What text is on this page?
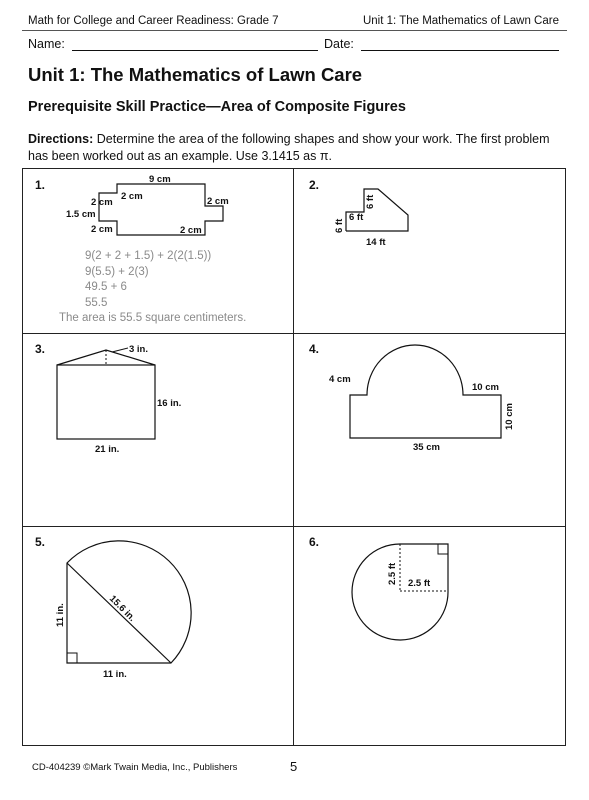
Math for College and Career Readiness: Grade 7	Unit 1: The Mathematics of Lawn Care
Name:	Date:
Unit 1: The Mathematics of Lawn Care
Prerequisite Skill Practice—Area of Composite Figures
Directions: Determine the area of the following shapes and show your work. The first problem has been worked out as an example. Use 3.1415 as π.
1.	9 cm
2 cm
2 cm	2 cm
1.5 cm
2 cm	2 cm
9(2 + 2 + 1.5) + 2(2(1.5))
9(5.5) + 2(3)
49.5 + 6
55.5
The area is 55.5 square centimeters.
2.
6 ft
6 ft
6 ft
14 ft
3.	3 in.
16 in.
21 in.
4.
4 cm
10 cm
10 cm
35 cm
5.
11 in.	15.6 in.
11 in.
6.
2.5 ft 2.5 ft
CD-404239 ©Mark Twain Media, Inc., Publishers	5
